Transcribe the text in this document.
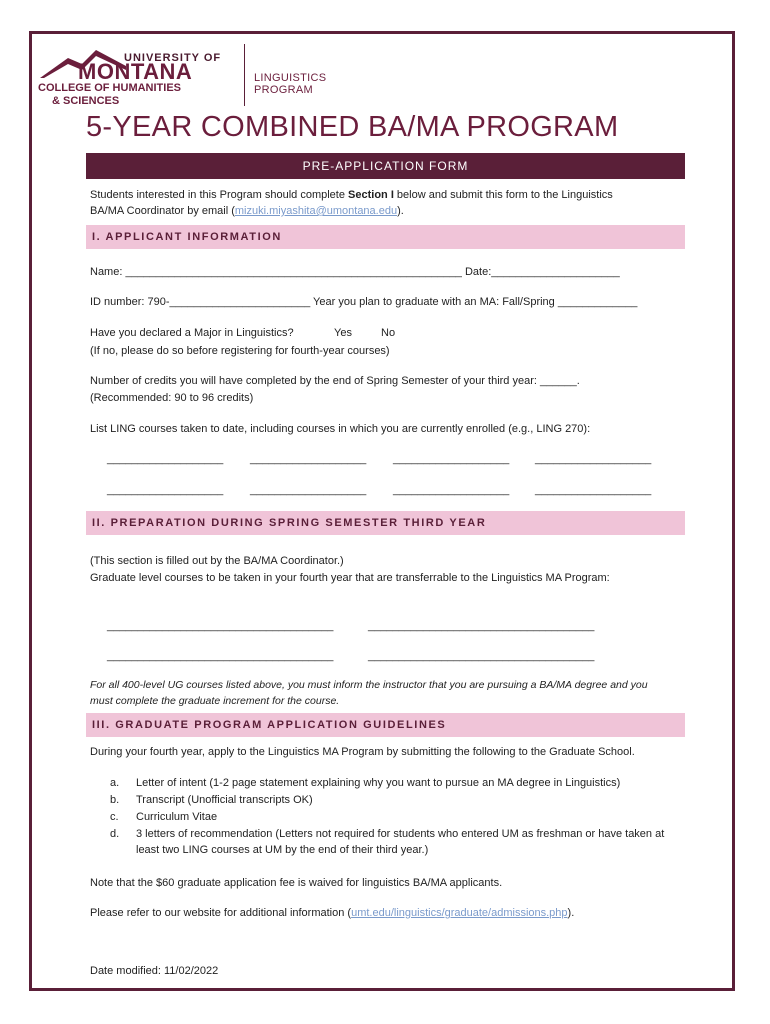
UNIVERSITY OF
MONTANA
COLLEGE OF HUMANITIES
& SCIENCES
LINGUISTICS PROGRAM
5-YEAR COMBINED BA/MA PROGRAM
PRE-APPLICATION FORM
Students interested in this Program should complete Section I below and submit this form to the Linguistics
BA/MA Coordinator by email (mizuki.miyashita@umontana.edu).
I. APPLICANT INFORMATION
Name: _______________________________________________________ Date:_____________________
ID number: 790-_______________________ Year you plan to graduate with an MA: Fall/Spring _____________
Have you declared a Major in Linguistics?	Yes	No
(If no, please do so before registering for fourth-year courses)
Number of credits you will have completed by the end of Spring Semester of your third year: ______.
(Recommended: 90 to 96 credits)
List LING courses taken to date, including courses in which you are currently enrolled (e.g., LING 270):
___________________ ___________________ ___________________ ___________________
___________________ ___________________ ___________________ ___________________
II. PREPARATION DURING SPRING SEMESTER THIRD YEAR
(This section is filled out by the BA/MA Coordinator.)
Graduate level courses to be taken in your fourth year that are transferrable to the Linguistics MA Program:
_____________________________________	_____________________________________
_____________________________________	_____________________________________
For all 400-level UG courses listed above, you must inform the instructor that you are pursuing a BA/MA degree and you
must complete the graduate increment for the course.
III. GRADUATE PROGRAM APPLICATION GUIDELINES
During your fourth year, apply to the Linguistics MA Program by submitting the following to the Graduate School.
a. Letter of intent (1-2 page statement explaining why you want to pursue an MA degree in Linguistics)
b. Transcript (Unofficial transcripts OK)
c. Curriculum Vitae
d. 3 letters of recommendation (Letters not required for students who entered UM as freshman or have taken at least two LING courses at UM by the end of their third year.)
Note that the $60 graduate application fee is waived for linguistics BA/MA applicants.
Please refer to our website for additional information (umt.edu/linguistics/graduate/admissions.php).
Date modified: 11/02/2022
